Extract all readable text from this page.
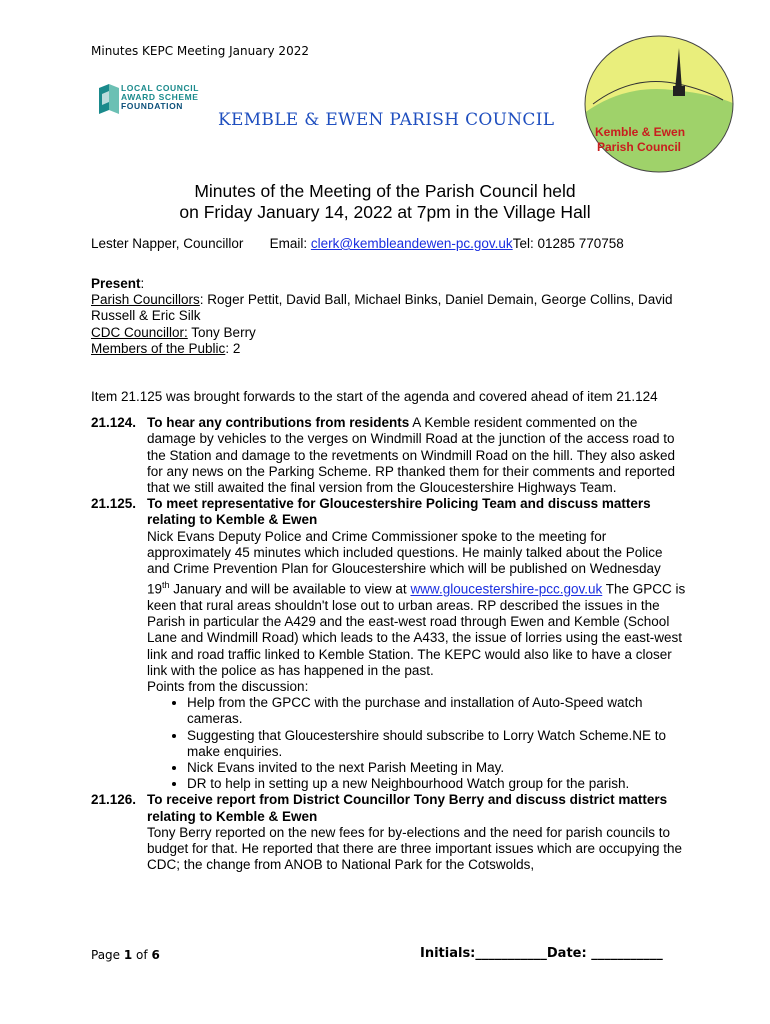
Minutes KEPC Meeting January 2022
LOCAL COUNCIL
AWARD SCHEME
FOUNDATION
KEMBLE & EWEN PARISH COUNCIL
Kemble & Ewen
Parish Council
Minutes of the Meeting of the Parish Council held
on Friday January 14, 2022 at 7pm in the Village Hall
Lester Napper, Councillor Email: clerk@kembleandewen-pc.gov.ukTel: 01285 770758

Present:
Parish Councillors: Roger Pettit, David Ball, Michael Binks, Daniel Demain, George Collins, David Russell & Eric Silk
CDC Councillor: Tony Berry
Members of the Public: 2

Item 21.125 was brought forwards to the start of the agenda and covered ahead of item 21.124

21.124. To hear any contributions from residents A Kemble resident commented on the damage by vehicles to the verges on Windmill Road at the junction of the access road to the Station and damage to the revetments on Windmill Road on the hill. They also asked for any news on the Parking Scheme. RP thanked them for their comments and reported that we still awaited the final version from the Gloucestershire Highways Team.
21.125. To meet representative for Gloucestershire Policing Team and discuss matters relating to Kemble & Ewen
Nick Evans Deputy Police and Crime Commissioner spoke to the meeting for approximately 45 minutes which included questions. He mainly talked about the Police and Crime Prevention Plan for Gloucestershire which will be published on Wednesday 19th January and will be available to view at www.gloucestershire-pcc.gov.uk The GPCC is keen that rural areas shouldn't lose out to urban areas. RP described the issues in the Parish in particular the A429 and the east-west road through Ewen and Kemble (School Lane and Windmill Road) which leads to the A433, the issue of lorries using the east-west link and road traffic linked to Kemble Station. The KEPC would also like to have a closer link with the police as has happened in the past.
Points from the discussion:
• Help from the GPCC with the purchase and installation of Auto-Speed watch cameras.
• Suggesting that Gloucestershire should subscribe to Lorry Watch Scheme.NE to make enquiries.
• Nick Evans invited to the next Parish Meeting in May.
• DR to help in setting up a new Neighbourhood Watch group for the parish.
21.126. To receive report from District Councillor Tony Berry and discuss district matters relating to Kemble & Ewen
Tony Berry reported on the new fees for by-elections and the need for parish councils to budget for that. He reported that there are three important issues which are occupying the CDC; the change from ANOB to National Park for the Cotswolds,
Page 1 of 6	Initials:___________Date: ___________
